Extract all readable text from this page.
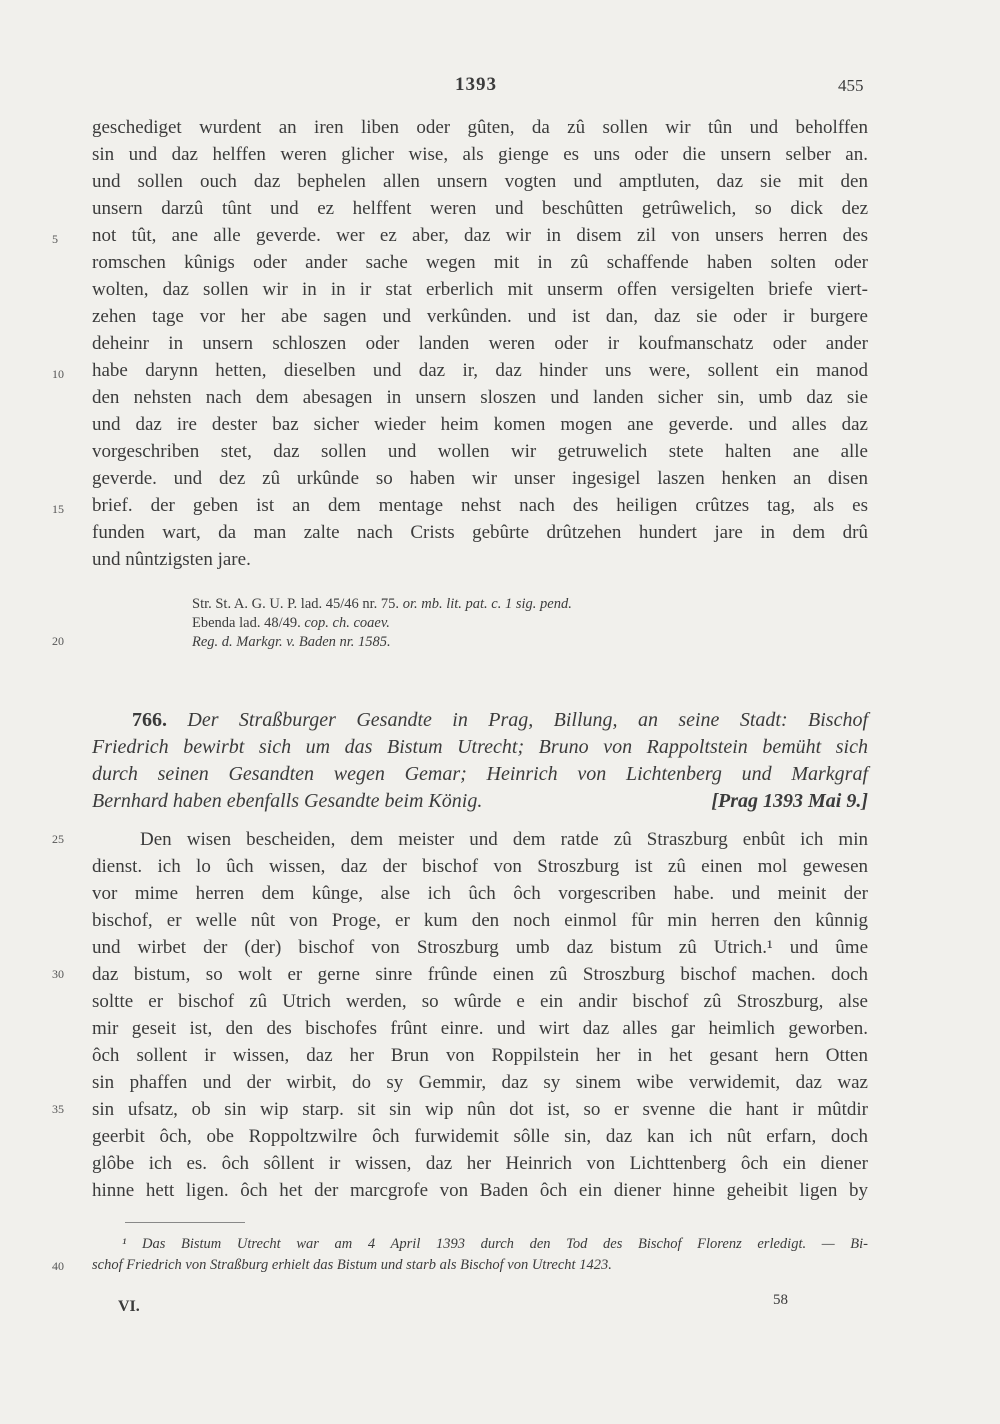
1393	455
geschediget wurdent an iren liben oder gûten, da zû sollen wir tûn und beholffen
sin und daz helffen weren glicher wise, als gienge es uns oder die unsern selber an.
und sollen ouch daz bephelen allen unsern vogten und amptluten, daz sie mit den
unsern darzû tûnt und ez helffent weren und beschûtten getrûwelich, so dick dez
not tût, ane alle geverde. wer ez aber, daz wir in disem zil von unsers herren des
romschen kûnigs oder ander sache wegen mit in zû schaffende haben solten oder
wolten, daz sollen wir in in ir stat erberlich mit unserm offen versigelten briefe viert-
zehen tage vor her abe sagen und verkûnden. und ist dan, daz sie oder ir burgere
deheinr in unsern schloszen oder landen weren oder ir koufmanschatz oder ander
habe darynn hetten, dieselben und daz ir, daz hinder uns were, sollent ein manod
den nehsten nach dem abesagen in unsern sloszen und landen sicher sin, umb daz sie
und daz ire dester baz sicher wieder heim komen mogen ane geverde. und alles daz
vorgeschriben stet, daz sollen und wollen wir getruwelich stete halten ane alle
geverde. und dez zû urkûnde so haben wir unser ingesigel laszen henken an disen
brief. der geben ist an dem mentage nehst nach des heiligen crûtzes tag, als es
funden wart, da man zalte nach Crists gebûrte drûtzehen hundert jare in dem drû
und nûntzigsten jare.
5
10
15
20
Str. St. A. G. U. P. lad. 45/46 nr. 75. or. mb. lit. pat. c. 1 sig. pend.
Ebenda lad. 48/49. cop. ch. coaev.
Reg. d. Markgr. v. Baden nr. 1585.
766. Der Straßburger Gesandte in Prag, Billung, an seine Stadt: Bischof
Friedrich bewirbt sich um das Bistum Utrecht; Bruno von Rappoltstein bemüht sich
durch seinen Gesandten wegen Gemar; Heinrich von Lichtenberg und Markgraf
Bernhard haben ebenfalls Gesandte beim König.	[Prag 1393 Mai 9.]
Den wisen bescheiden, dem meister und dem ratde zû Straszburg enbût ich min
dienst. ich lo ûch wissen, daz der bischof von Stroszburg ist zû einen mol gewesen
vor mime herren dem kûnge, alse ich ûch ôch vorgescriben habe. und meinit der
bischof, er welle nût von Proge, er kum den noch einmol fûr min herren den kûnnig
und wirbet der (der) bischof von Stroszburg umb daz bistum zû Utrich.¹ und ûme
daz bistum, so wolt er gerne sinre frûnde einen zû Stroszburg bischof machen. doch
soltte er bischof zû Utrich werden, so wûrde e ein andir bischof zû Stroszburg, alse
mir geseit ist, den des bischofes frûnt einre. und wirt daz alles gar heimlich geworben.
ôch sollent ir wissen, daz her Brun von Roppilstein her in het gesant hern Otten
sin phaffen und der wirbit, do sy Gemmir, daz sy sinem wibe verwidemit, daz waz
sin ufsatz, ob sin wip starp. sit sin wip nûn dot ist, so er svenne die hant ir mûtdir
geerbit ôch, obe Roppoltzwilre ôch furwidemit sôlle sin, daz kan ich nût erfarn, doch
glôbe ich es. ôch sôllent ir wissen, daz her Heinrich von Lichttenberg ôch ein diener
hinne hett ligen. ôch het der marcgrofe von Baden ôch ein diener hinne geheibit ligen by
25
30
35
40
¹ Das Bistum Utrecht war am 4 April 1393 durch den Tod des Bischof Florenz erledigt. — Bi-
schof Friedrich von Straßburg erhielt das Bistum und starb als Bischof von Utrecht 1423.
VI.	58
